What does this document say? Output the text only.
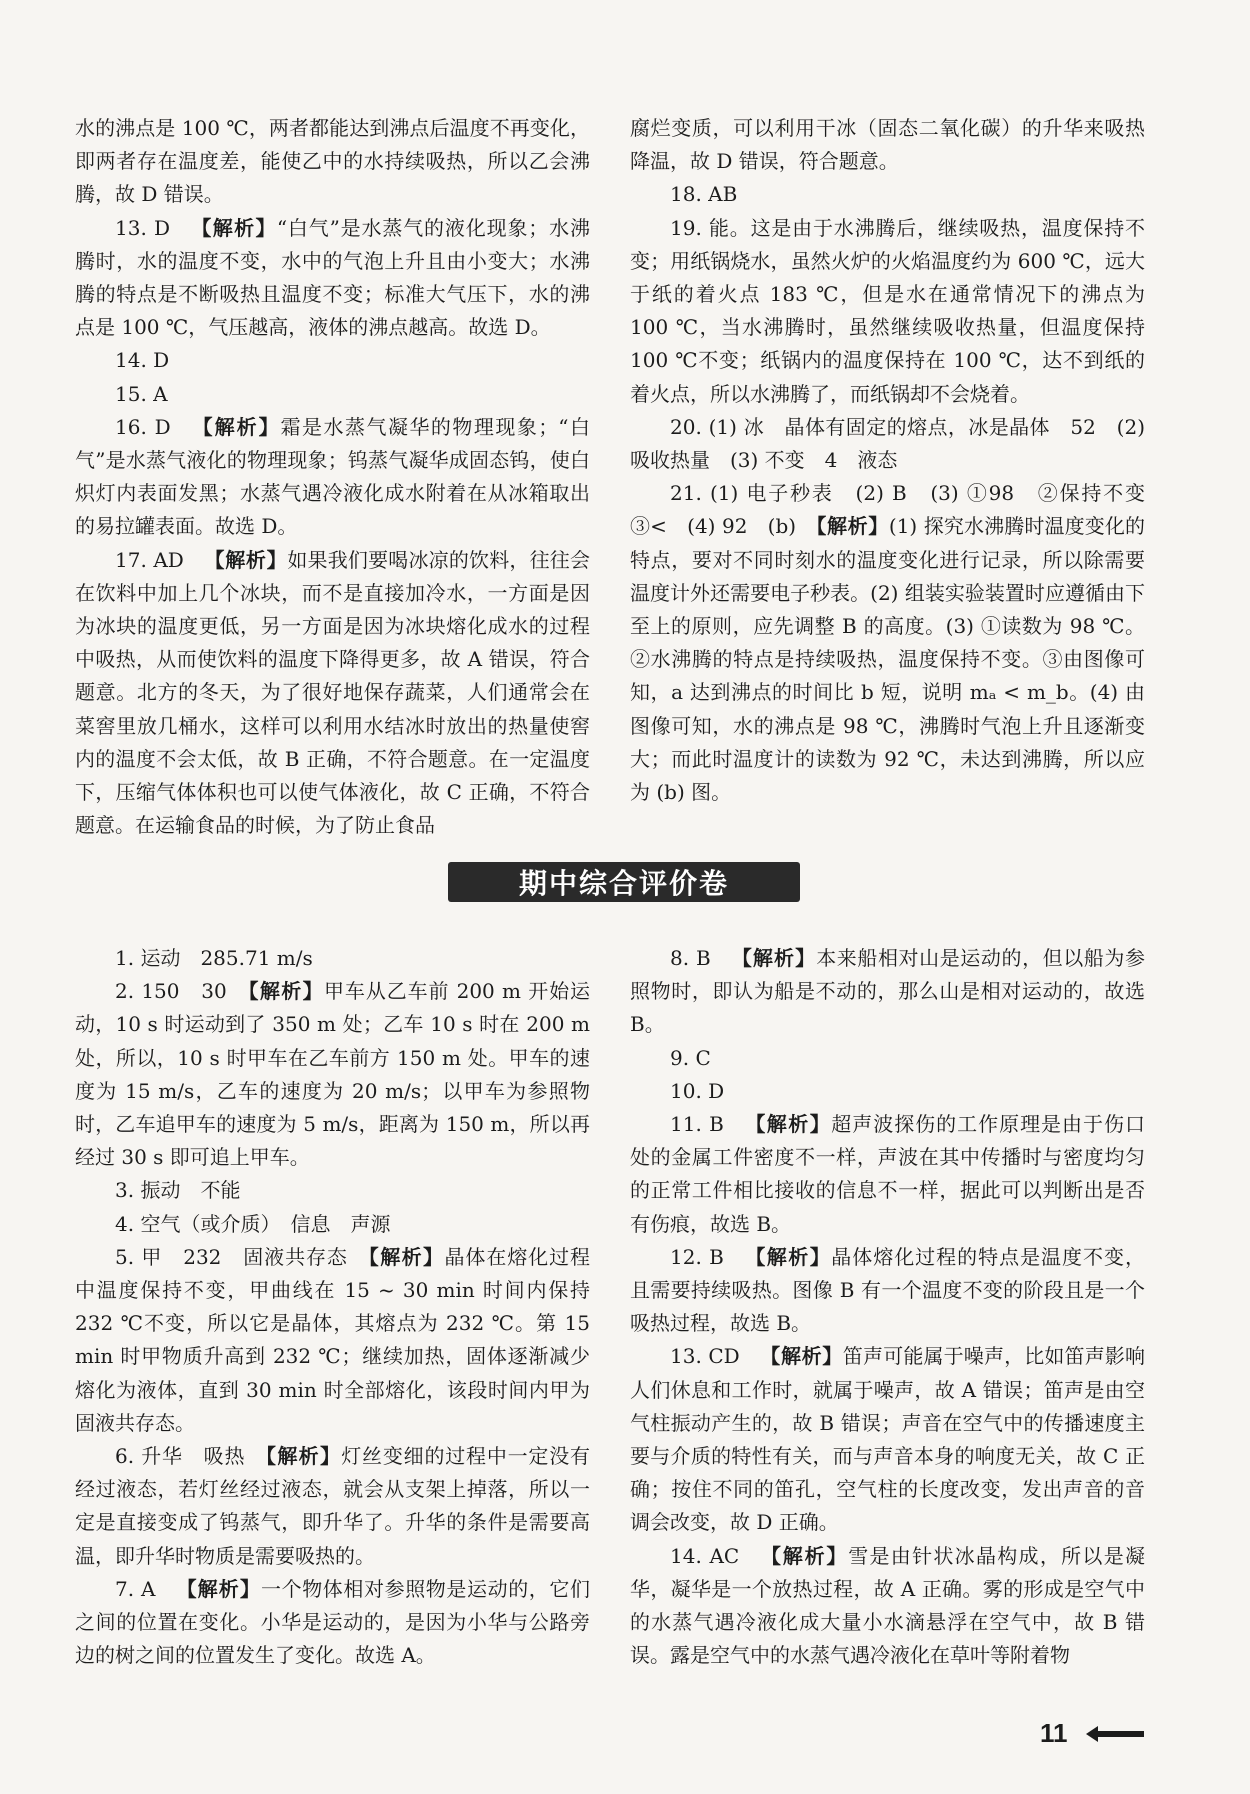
水的沸点是 100 ℃，两者都能达到沸点后温度不再变化，即两者存在温度差，能使乙中的水持续吸热，所以乙会沸腾，故 D 错误。

13. D 【解析】“白气”是水蒸气的液化现象；水沸腾时，水的温度不变，水中的气泡上升且由小变大；水沸腾的特点是不断吸热且温度不变；标准大气压下，水的沸点是 100 ℃，气压越高，液体的沸点越高。故选 D。

14. D

15. A

16. D 【解析】霜是水蒸气凝华的物理现象；“白气”是水蒸气液化的物理现象；钨蒸气凝华成固态钨，使白炽灯内表面发黑；水蒸气遇冷液化成水附着在从冰箱取出的易拉罐表面。故选 D。

17. AD 【解析】如果我们要喝冰凉的饮料，往往会在饮料中加上几个冰块，而不是直接加冷水，一方面是因为冰块的温度更低，另一方面是因为冰块熔化成水的过程中吸热，从而使饮料的温度下降得更多，故 A 错误，符合题意。北方的冬天，为了很好地保存蔬菜，人们通常会在菜窖里放几桶水，这样可以利用水结冰时放出的热量使窖内的温度不会太低，故 B 正确，不符合题意。在一定温度下，压缩气体体积也可以使气体液化，故 C 正确，不符合题意。在运输食品的时候，为了防止食品

腐烂变质，可以利用干冰（固态二氧化碳）的升华来吸热降温，故 D 错误，符合题意。

18. AB

19. 能。这是由于水沸腾后，继续吸热，温度保持不变；用纸锅烧水，虽然火炉的火焰温度约为 600 ℃，远大于纸的着火点 183 ℃，但是水在通常情况下的沸点为 100 ℃，当水沸腾时，虽然继续吸收热量，但温度保持 100 ℃不变；纸锅内的温度保持在 100 ℃，达不到纸的着火点，所以水沸腾了，而纸锅却不会烧着。

20. (1) 冰　晶体有固定的熔点，冰是晶体　52　(2) 吸收热量　(3) 不变　4　液态

21. (1) 电子秒表　(2) B　(3) ①98　②保持不变　③<　(4) 92　(b)　【解析】(1) 探究水沸腾时温度变化的特点，要对不同时刻水的温度变化进行记录，所以除需要温度计外还需要电子秒表。(2) 组装实验装置时应遵循由下至上的原则，应先调整 B 的高度。(3) ①读数为 98 ℃。②水沸腾的特点是持续吸热，温度保持不变。③由图像可知，a 达到沸点的时间比 b 短，说明 mₐ < m_b。(4) 由图像可知，水的沸点是 98 ℃，沸腾时气泡上升且逐渐变大；而此时温度计的读数为 92 ℃，未达到沸腾，所以应为 (b) 图。

期中综合评价卷

1. 运动　285.71 m/s

2. 150　30　【解析】甲车从乙车前 200 m 开始运动，10 s 时运动到了 350 m 处；乙车 10 s 时在 200 m 处，所以，10 s 时甲车在乙车前方 150 m 处。甲车的速度为 15 m/s，乙车的速度为 20 m/s；以甲车为参照物时，乙车追甲车的速度为 5 m/s，距离为 150 m，所以再经过 30 s 即可追上甲车。

3. 振动　不能

4. 空气（或介质）　信息　声源

5. 甲　232　固液共存态　【解析】晶体在熔化过程中温度保持不变，甲曲线在 15 ~ 30 min 时间内保持 232 ℃不变，所以它是晶体，其熔点为 232 ℃。第 15 min 时甲物质升高到 232 ℃；继续加热，固体逐渐减少熔化为液体，直到 30 min 时全部熔化，该段时间内甲为固液共存态。

6. 升华　吸热　【解析】灯丝变细的过程中一定没有经过液态，若灯丝经过液态，就会从支架上掉落，所以一定是直接变成了钨蒸气，即升华了。升华的条件是需要高温，即升华时物质是需要吸热的。

7. A 【解析】一个物体相对参照物是运动的，它们之间的位置在变化。小华是运动的，是因为小华与公路旁边的树之间的位置发生了变化。故选 A。

8. B 【解析】本来船相对山是运动的，但以船为参照物时，即认为船是不动的，那么山是相对运动的，故选 B。

9. C

10. D

11. B 【解析】超声波探伤的工作原理是由于伤口处的金属工件密度不一样，声波在其中传播时与密度均匀的正常工件相比接收的信息不一样，据此可以判断出是否有伤痕，故选 B。

12. B 【解析】晶体熔化过程的特点是温度不变，且需要持续吸热。图像 B 有一个温度不变的阶段且是一个吸热过程，故选 B。

13. CD 【解析】笛声可能属于噪声，比如笛声影响人们休息和工作时，就属于噪声，故 A 错误；笛声是由空气柱振动产生的，故 B 错误；声音在空气中的传播速度主要与介质的特性有关，而与声音本身的响度无关，故 C 正确；按住不同的笛孔，空气柱的长度改变，发出声音的音调会改变，故 D 正确。

14. AC 【解析】雪是由针状冰晶构成，所以是凝华，凝华是一个放热过程，故 A 正确。雾的形成是空气中的水蒸气遇冷液化成大量小水滴悬浮在空气中，故 B 错误。露是空气中的水蒸气遇冷液化在草叶等附着物

11
